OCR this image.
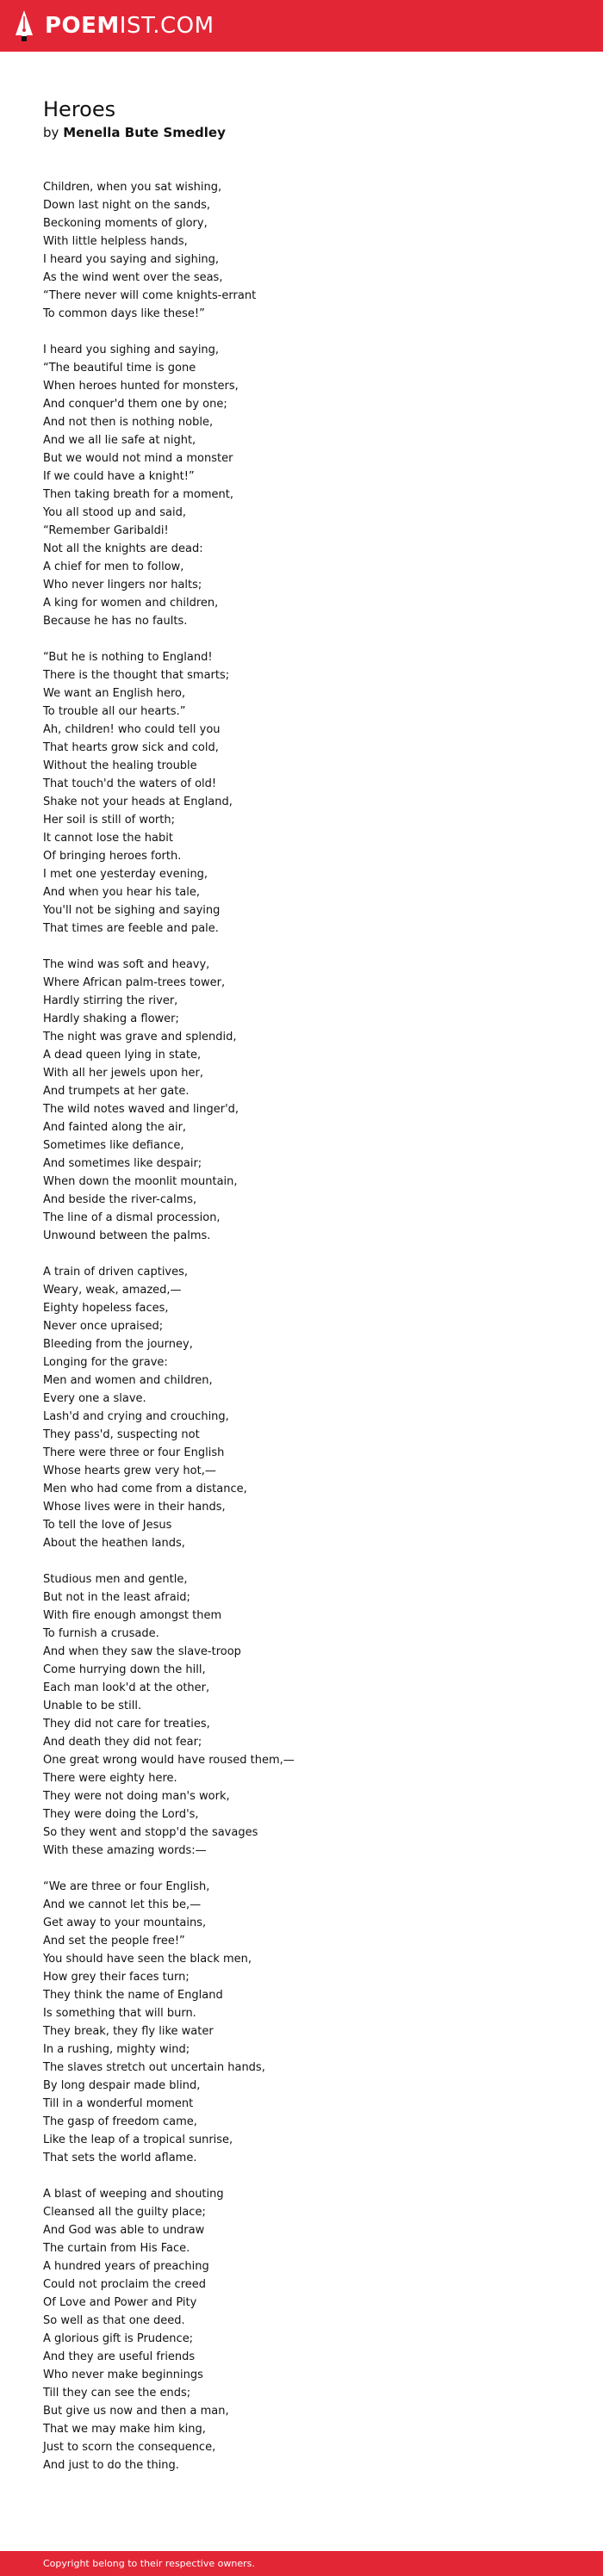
POEMIST.COM
Heroes
by Menella Bute Smedley
Children, when you sat wishing,
Down last night on the sands,
Beckoning moments of glory,
With little helpless hands,
I heard you saying and sighing,
As the wind went over the seas,
“There never will come knights-errant
To common days like these!”
I heard you sighing and saying,
“The beautiful time is gone
When heroes hunted for monsters,
And conquer'd them one by one;
And not then is nothing noble,
And we all lie safe at night,
But we would not mind a monster
If we could have a knight!”
Then taking breath for a moment,
You all stood up and said,
“Remember Garibaldi!
Not all the knights are dead:
A chief for men to follow,
Who never lingers nor halts;
A king for women and children,
Because he has no faults.
“But he is nothing to England!
There is the thought that smarts;
We want an English hero,
To trouble all our hearts.”
Ah, children! who could tell you
That hearts grow sick and cold,
Without the healing trouble
That touch'd the waters of old!
Shake not your heads at England,
Her soil is still of worth;
It cannot lose the habit
Of bringing heroes forth.
I met one yesterday evening,
And when you hear his tale,
You'll not be sighing and saying
That times are feeble and pale.
The wind was soft and heavy,
Where African palm-trees tower,
Hardly stirring the river,
Hardly shaking a flower;
The night was grave and splendid,
A dead queen lying in state,
With all her jewels upon her,
And trumpets at her gate.
The wild notes waved and linger'd,
And fainted along the air,
Sometimes like defiance,
And sometimes like despair;
When down the moonlit mountain,
And beside the river-calms,
The line of a dismal procession,
Unwound between the palms.
A train of driven captives,
Weary, weak, amazed,—
Eighty hopeless faces,
Never once upraised;
Bleeding from the journey,
Longing for the grave:
Men and women and children,
Every one a slave.
Lash'd and crying and crouching,
They pass'd, suspecting not
There were three or four English
Whose hearts grew very hot,—
Men who had come from a distance,
Whose lives were in their hands,
To tell the love of Jesus
About the heathen lands,
Studious men and gentle,
But not in the least afraid;
With fire enough amongst them
To furnish a crusade.
And when they saw the slave-troop
Come hurrying down the hill,
Each man look'd at the other,
Unable to be still.
They did not care for treaties,
And death they did not fear;
One great wrong would have roused them,—
There were eighty here.
They were not doing man's work,
They were doing the Lord's,
So they went and stopp'd the savages
With these amazing words:—
“We are three or four English,
And we cannot let this be,—
Get away to your mountains,
And set the people free!”
You should have seen the black men,
How grey their faces turn;
They think the name of England
Is something that will burn.
They break, they fly like water
In a rushing, mighty wind;
The slaves stretch out uncertain hands,
By long despair made blind,
Till in a wonderful moment
The gasp of freedom came,
Like the leap of a tropical sunrise,
That sets the world aflame.
A blast of weeping and shouting
Cleansed all the guilty place;
And God was able to undraw
The curtain from His Face.
A hundred years of preaching
Could not proclaim the creed
Of Love and Power and Pity
So well as that one deed.
A glorious gift is Prudence;
And they are useful friends
Who never make beginnings
Till they can see the ends;
But give us now and then a man,
That we may make him king,
Just to scorn the consequence,
And just to do the thing.
Copyright belong to their respective owners.
